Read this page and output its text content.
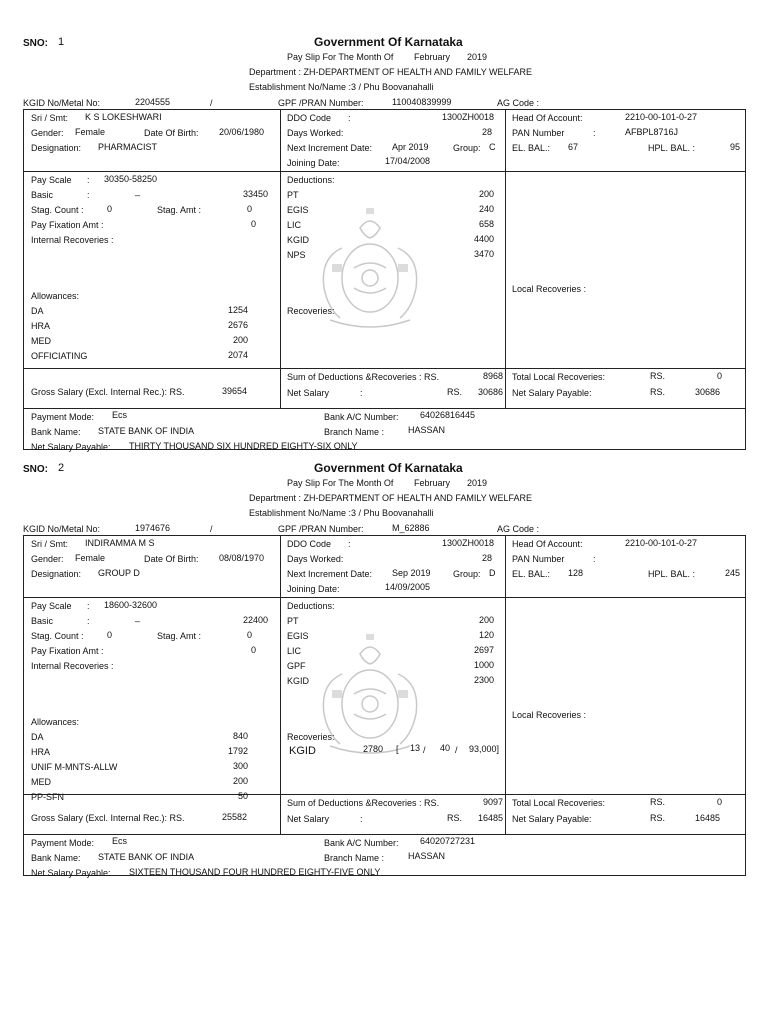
SNO: 1	Government Of Karnataka
Pay Slip For The Month Of February 2019
Department : ZH-DEPARTMENT OF HEALTH AND FAMILY WELFARE
Establishment No/Name :3 / Phu Boovanahalli
KGID No/Metal No:	2204555	/	GPF /PRAN Number:	110040839999	AG Code :
Sri / Smt: K S LOKESHWARI
Gender: Female	Date Of Birth: 20/06/1980
Designation: PHARMACIST
DDO Code :	1300ZH0018
Days Worked:	28
Next Increment Date: Apr 2019	Group: C
Joining Date:	17/04/2008
Head Of Account:	2210-00-101-0-27
PAN Number	:	AFBPL8716J
EL. BAL.: 67	HPL. BAL. :	95
Pay Scale : 30350-58250
Basic	:	_	33450
Stag. Count :	0	Stag. Amt :	0
Pay Fixation Amt :	0
Internal Recoveries :
Allowances:
DA	1254
HRA	2676
MED	200
OFFICIATING	2074
Deductions:
PT	200
EGIS	240
LIC	658
KGID	4400
NPS	3470
Recoveries:
Local Recoveries :
Gross Salary (Excl. Internal Rec.): RS.	39654
Sum of Deductions &Recoveries : RS.	8968
Net Salary	:	RS.	30686
Total Local Recoveries:	RS.	0
Net Salary Payable:	RS.	30686
Payment Mode: Ecs	Bank A/C Number: 64026816445
Bank Name: STATE BANK OF INDIA	Branch Name :	HASSAN
Net Salary Payable: THIRTY THOUSAND SIX HUNDRED EIGHTY-SIX ONLY
SNO: 2	Government Of Karnataka
Pay Slip For The Month Of February 2019
Department : ZH-DEPARTMENT OF HEALTH AND FAMILY WELFARE
Establishment No/Name :3 / Phu Boovanahalli
KGID No/Metal No:	1974676	/	GPF /PRAN Number:	M_62886	AG Code :
Sri / Smt: INDIRAMMA M S
Gender: Female	Date Of Birth: 08/08/1970
Designation: GROUP D
DDO Code :	1300ZH0018
Days Worked:	28
Next Increment Date: Sep 2019 Group: D
Joining Date:	14/09/2005
Head Of Account:	2210-00-101-0-27
PAN Number	:
EL. BAL.: 128	HPL. BAL. :	245
Pay Scale : 18600-32600
Basic	:	_	22400
Stag. Count :	0	Stag. Amt :	0
Pay Fixation Amt :	0
Internal Recoveries :
Allowances:
DA	840
HRA	1792
UNIF M-MNTS-ALLW	300
MED	200
PP-SFN	50
Deductions:
PT	200
EGIS	120
LIC	2697
GPF	1000
KGID	2300
Recoveries:
KGID	2780 [ 13 / 40 / 93,000]
Local Recoveries :
Gross Salary (Excl. Internal Rec.): RS.	25582
Sum of Deductions &Recoveries : RS.	9097
Net Salary	:	RS.	16485
Total Local Recoveries:	RS.	0
Net Salary Payable:	RS.	16485
Payment Mode: Ecs	Bank A/C Number: 64020727231
Bank Name: STATE BANK OF INDIA	Branch Name :	HASSAN
Net Salary Payable: SIXTEEN THOUSAND FOUR HUNDRED EIGHTY-FIVE ONLY
